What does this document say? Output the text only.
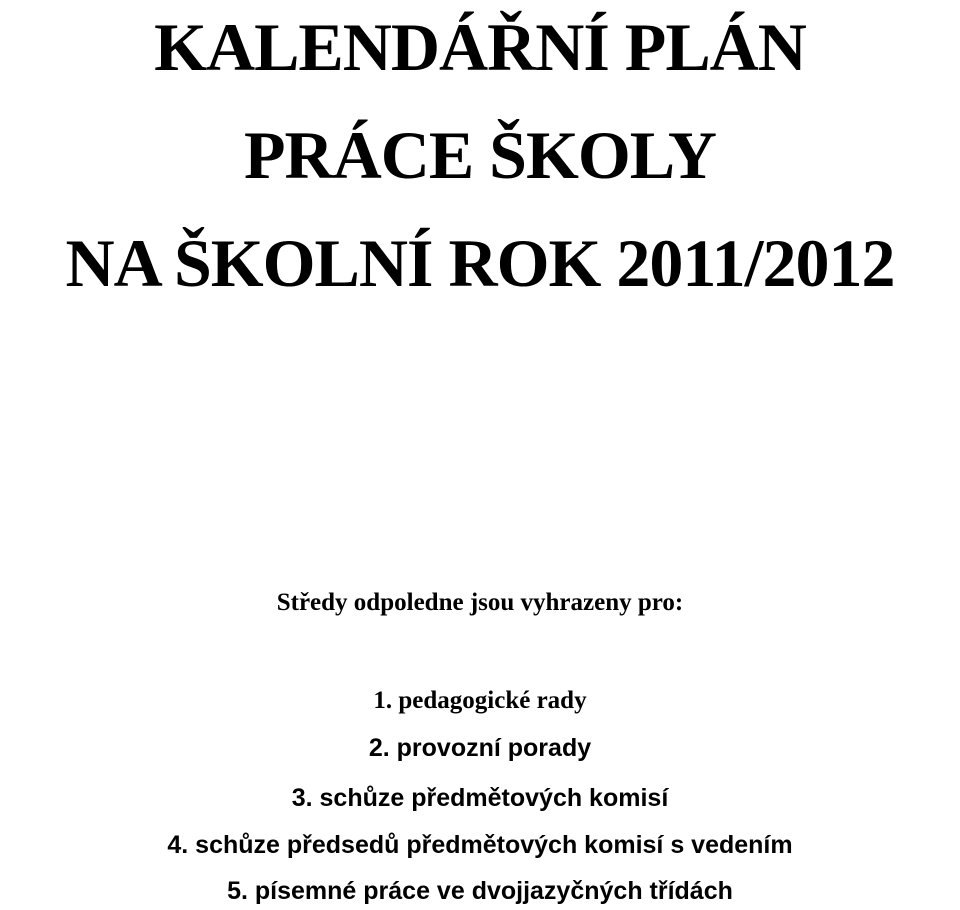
KALENDÁŘNÍ PLÁN
PRÁCE ŠKOLY
NA ŠKOLNÍ ROK 2011/2012
Středy odpoledne jsou vyhrazeny pro:
1. pedagogické rady
2. provozní porady
3. schůze předmětových komisí
4. schůze předsedů předmětových komisí s vedením
5. písemné práce ve dvojjazyčných třídách
